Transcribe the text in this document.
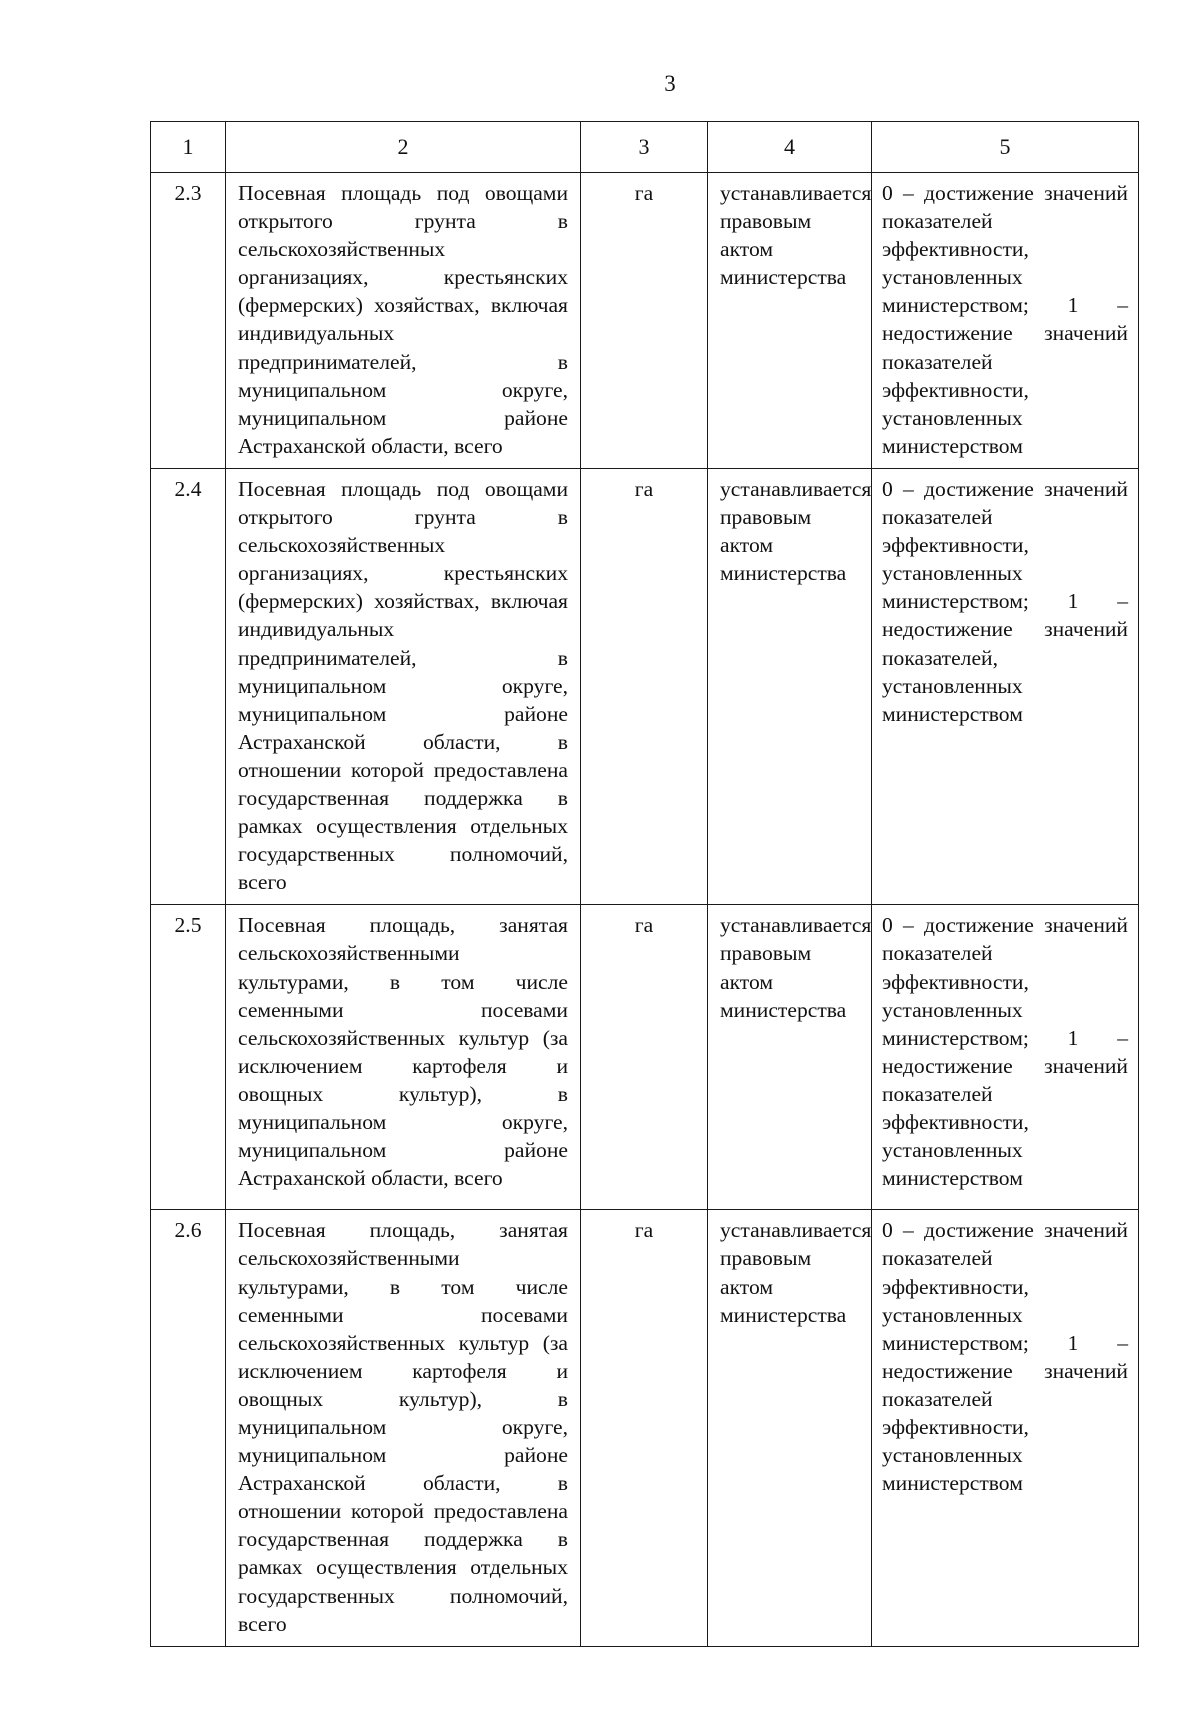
3
1	2	3	4	5
2.3	Посевная площадь под овощами открытого грунта в сельскохозяйственных организациях, крестьянских (фермерских) хозяйствах, включая индивидуальных предпринимателей, в муниципальном округе, муниципальном районе Астраханской области, всего	га	устанавливается правовым актом министерства	0 – достижение значений показателей эффективности, установленных министерством; 1 – недостижение значений показателей эффективности, установленных министерством
2.4	Посевная площадь под овощами открытого грунта в сельскохозяйственных организациях, крестьянских (фермерских) хозяйствах, включая индивидуальных предпринимателей, в муниципальном округе, муниципальном районе Астраханской области, в отношении которой предоставлена государственная поддержка в рамках осуществления отдельных государственных полномочий, всего	га	устанавливается правовым актом министерства	0 – достижение значений показателей эффективности, установленных министерством; 1 – недостижение значений показателей, установленных министерством
2.5	Посевная площадь, занятая сельскохозяйственными культурами, в том числе семенными посевами сельскохозяйственных культур (за исключением картофеля и овощных культур), в муниципальном округе, муниципальном районе Астраханской области, всего	га	устанавливается правовым актом министерства	0 – достижение значений показателей эффективности, установленных министерством; 1 – недостижение значений показателей эффективности, установленных министерством
2.6	Посевная площадь, занятая сельскохозяйственными культурами, в том числе семенными посевами сельскохозяйственных культур (за исключением картофеля и овощных культур), в муниципальном округе, муниципальном районе Астраханской области, в отношении которой предоставлена государственная поддержка в рамках осуществления отдельных государственных полномочий, всего	га	устанавливается правовым актом министерства	0 – достижение значений показателей эффективности, установленных министерством; 1 – недостижение значений показателей эффективности, установленных министерством
